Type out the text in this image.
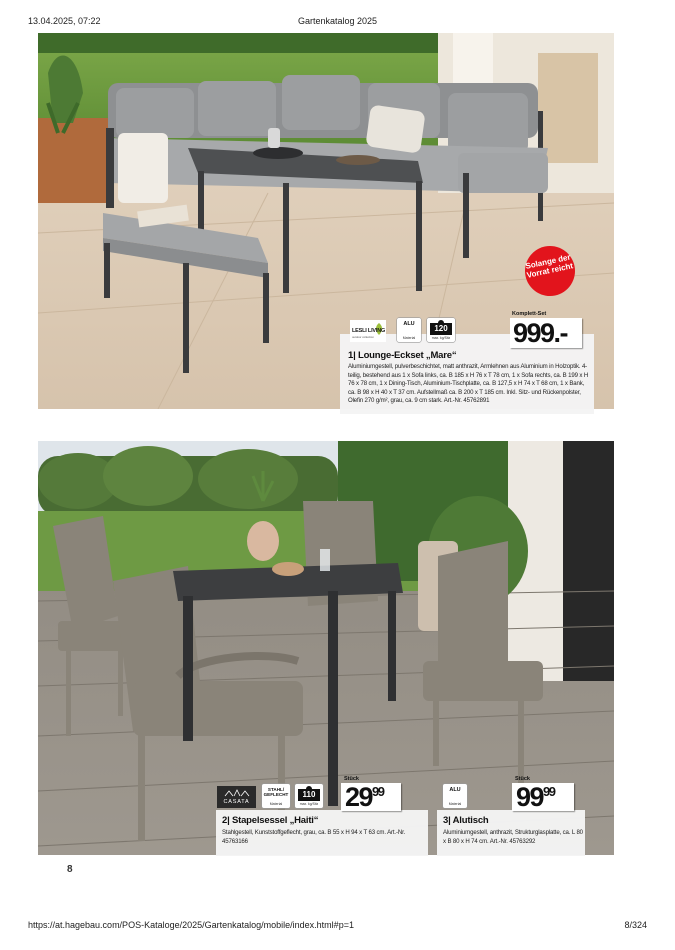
13.04.2025, 07:22	Gartenkatalog 2025
Solange der Vorrat reicht
1| Lounge-Eckset „Mare“
Aluminiumgestell, pulverbeschichtet, matt anthrazit, Armlehnen aus Aluminium in Holzoptik. 4-teilig, bestehend aus 1 x Sofa links, ca. B 185 x H 76 x T 78 cm, 1 x Sofa rechts, ca. B 199 x H 76 x 78 cm, 1 x Dining-Tisch, Aluminium-Tischplatte, ca. B 127,5 x H 74 x T 68 cm, 1 x Bank, ca. B 98 x H 40 x T 37 cm. Aufstellmaß ca. B 200 x T 185 cm. Inkl. Sitz- und Rückenpolster, Olefin 270 g/m², grau, ca. 9 cm stark. Art.-Nr. 45762891
LESLI LIVING
outdoor collection
ALU
Material
120
max. kg/Sitz
Komplett-Set
999.-
2| Stapelsessel „Haiti“
Stahlgestell, Kunststoffgeflecht, grau, ca. B 55 x H 94 x T 63 cm. Art.-Nr. 45763166
CASATA
STAHL/ GEFLECHT
Material
110
max. kg/Sitz
Stück
$29^{99}$
3| Alutisch
Aluminiumgestell, anthrazit, Strukturglasplatte, ca. L 80 x B 80 x H 74 cm. Art.-Nr. 45763292
ALU
Material
Stück
$99^{99}$
8
https://at.hagebau.com/POS-Kataloge/2025/Gartenkatalog/mobile/index.html#p=1	8/324
